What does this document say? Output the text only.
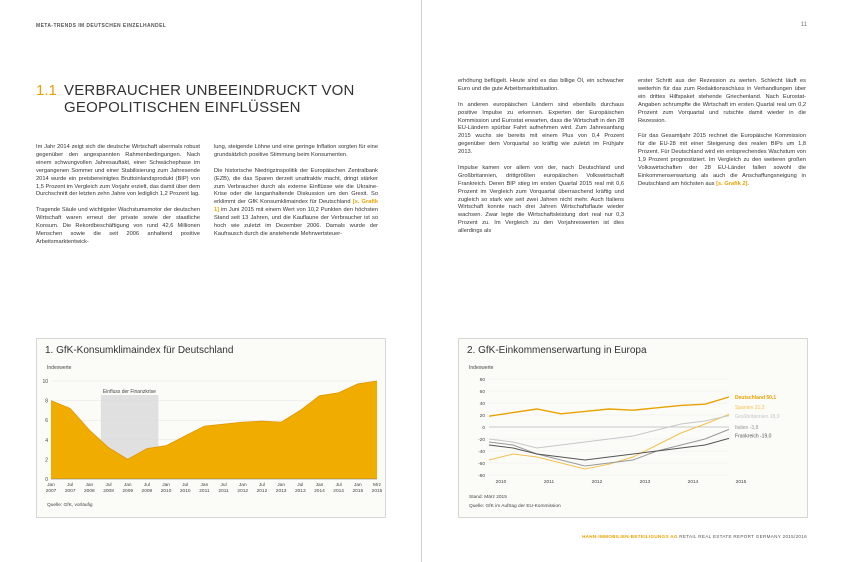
META-TRENDS IM DEUTSCHEN EINZELHANDEL
1.1 VERBRAUCHER UNBEEINDRUCKT VON GEOPOLITISCHEN EINFLÜSSEN

Im Jahr 2014 zeigt sich die deutsche Wirtschaft abermals robust gegenüber den angespannten Rahmenbedingungen. Nach einem schwungvollen Jahresauftakt, einer Schwächephase im vergangenen Sommer und einer Stabilisierung zum Jahresende 2014 wurde ein preisbereinigtes Bruttoinlandsprodukt (BIP) von 1,5 Prozent im Vergleich zum Vorjahr erzielt, das damit über dem Durchschnitt der letzten zehn Jahre von lediglich 1,2 Prozent lag.

Tragende Säule und wichtigster Wachstumsmotor der deutschen Wirtschaft waren erneut der private sowie der staatliche Konsum. Die Rekordbeschäftigung von rund 42,6 Millionen Menschen sowie die seit 2006 anhaltend positive Arbeitsmarktentwick-

lung, steigende Löhne und eine geringe Inflation sorgten für eine grundsätzlich positive Stimmung beim Konsumenten.

Die historische Niedrigzinspolitik der Europäischen Zentralbank (EZB), die das Sparen derzeit unattraktiv macht, dringt stärker zum Verbraucher durch als externe Einflüsse wie die Ukraine-Krise oder die langanhaltende Diskussion um den Grexit. So erklimmt der GfK Konsumklimaindex für Deutschland [s. Grafik 1] im Juni 2015 mit einem Wert von 10,2 Punkten den höchsten Stand seit 13 Jahren, und die Kauflaune der Verbraucher ist so hoch wie zuletzt im Dezember 2006. Damals wurde der Kaufrausch durch die anstehende Mehrwertsteuer-

1. GfK-Konsumklimaindex für Deutschland
Indexwerte
0
2
4
6
8
10
Einfluss der Finanzkrise
Jan
2007
Jul
2007
Jan
2008
Jul
2008
Jan
2009
Jul
2009
Jan
2010
Jul
2010
Jan
2011
Jul
2011
Jan
2012
Jul
2012
Jan
2013
Jul
2013
Jan
2014
Jul
2014
Jan
2015
Mrz
2015
Quelle: GfK, vorläufig
11

erhöhung beflügelt. Heute sind es das billige Öl, ein schwacher Euro und die gute Arbeitsmarktsituation.

In anderen europäischen Ländern sind ebenfalls durchaus positive Impulse zu erkennen. Experten der Europäischen Kommission und Eurostat erwarten, dass die Wirtschaft in den 28 EU-Ländern spürbar Fahrt aufnehmen wird. Zum Jahresanfang 2015 wuchs sie bereits mit einem Plus von 0,4 Prozent gegenüber dem Vorquartal so kräftig wie zuletzt im Frühjahr 2013.

Impulse kamen vor allem von der, nach Deutschland und Großbritannien, drittgrößten europäischen Volkswirtschaft Frankreich. Deren BIP stieg im ersten Quartal 2015 real mit 0,6 Prozent im Vergleich zum Vorquartal überraschend kräftig und zugleich so stark wie seit zwei Jahren nicht mehr. Auch Italiens Wirtschaft konnte nach drei Jahren Wirtschaftsflaute wieder wachsen. Zwar legte die Wirtschaftsleistung dort real nur 0,3 Prozent zu. Im Vergleich zu den Vorjahreswerten ist dies allerdings als

erster Schritt aus der Rezession zu werten. Schlecht läuft es weiterhin für das zum Redaktionsschluss in Verhandlungen über ein drittes Hilfspaket stehende Griechenland. Nach Eurostat-Angaben schrumpfte die Wirtschaft im ersten Quartal real um 0,2 Prozent zum Vorquartal und rutschte damit wieder in die Rezession.

Für das Gesamtjahr 2015 rechnet die Europäische Kommission für die EU-28 mit einer Steigerung des realen BIPs um 1,8 Prozent. Für Deutschland wird ein entsprechendes Wachstum von 1,9 Prozent prognostiziert. Im Vergleich zu den weiteren großen Volkswirtschaften der 28 EU-Länder fallen sowohl die Einkommenserwartung als auch die Anschaffungsneigung in Deutschland am höchsten aus [s. Grafik 2].

2. GfK-Einkommenserwartung in Europa
Indexwerte
80
60
40
20
0
-20
-40
-60
-80
2010	2011	2012	2013	2014	2015
Deutschland 50,1
Spanien 21,2
Großbritannien 18,9
Italien -3,8
Frankreich -19,0
Stand: März 2015
Quelle: GfK im Auftrag der EU-Kommission
HAHN-IMMOBILIEN-BETEILIGUNGS AG RETAIL REAL ESTATE REPORT GERMANY 2015/2016
